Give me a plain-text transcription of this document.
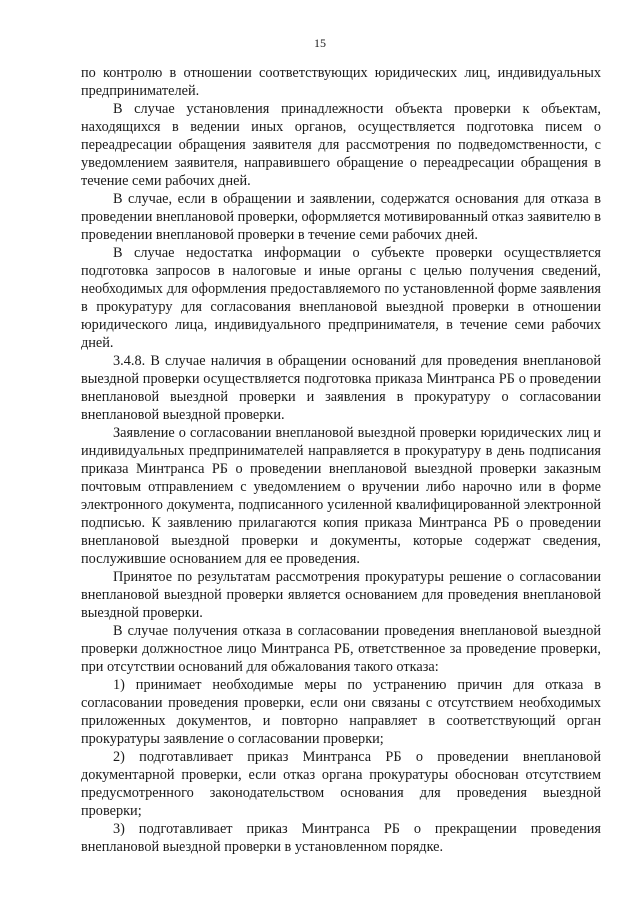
15

по контролю в отношении соответствующих юридических лиц, индивидуальных предпринимателей.

В случае установления принадлежности объекта проверки к объектам, находящихся в ведении иных органов, осуществляется подготовка писем о переадресации обращения заявителя для рассмотрения по подведомственности, с уведомлением заявителя, направившего обращение о переадресации обращения в течение семи рабочих дней.

В случае, если в обращении и заявлении, содержатся основания для отказа в проведении внеплановой проверки, оформляется мотивированный отказ заявителю в проведении внеплановой проверки в течение семи рабочих дней.

В случае недостатка информации о субъекте проверки осуществляется подготовка запросов в налоговые и иные органы с целью получения сведений, необходимых для оформления предоставляемого по установленной форме заявления в прокуратуру для согласования внеплановой выездной проверки в отношении юридического лица, индивидуального предпринимателя, в течение семи рабочих дней.

3.4.8. В случае наличия в обращении оснований для проведения внеплановой выездной проверки осуществляется подготовка приказа Минтранса РБ о проведении внеплановой выездной проверки и заявления в прокуратуру о согласовании внеплановой выездной проверки.

Заявление о согласовании внеплановой выездной проверки юридических лиц и индивидуальных предпринимателей направляется в прокуратуру в день подписания приказа Минтранса РБ о проведении внеплановой выездной проверки заказным почтовым отправлением с уведомлением о вручении либо нарочно или в форме электронного документа, подписанного усиленной квалифицированной электронной подписью. К заявлению прилагаются копия приказа Минтранса РБ о проведении внеплановой выездной проверки и документы, которые содержат сведения, послужившие основанием для ее проведения.

Принятое по результатам рассмотрения прокуратуры решение о согласовании внеплановой выездной проверки является основанием для проведения внеплановой выездной проверки.

В случае получения отказа в согласовании проведения внеплановой выездной проверки должностное лицо Минтранса РБ, ответственное за проведение проверки, при отсутствии оснований для обжалования такого отказа:

1) принимает необходимые меры по устранению причин для отказа в согласовании проведения проверки, если они связаны с отсутствием необходимых приложенных документов, и повторно направляет в соответствующий орган прокуратуры заявление о согласовании проверки;

2) подготавливает приказ Минтранса РБ о проведении внеплановой документарной проверки, если отказ органа прокуратуры обоснован отсутствием предусмотренного законодательством основания для проведения выездной проверки;

3) подготавливает приказ Минтранса РБ о прекращении проведения внеплановой выездной проверки в установленном порядке.
